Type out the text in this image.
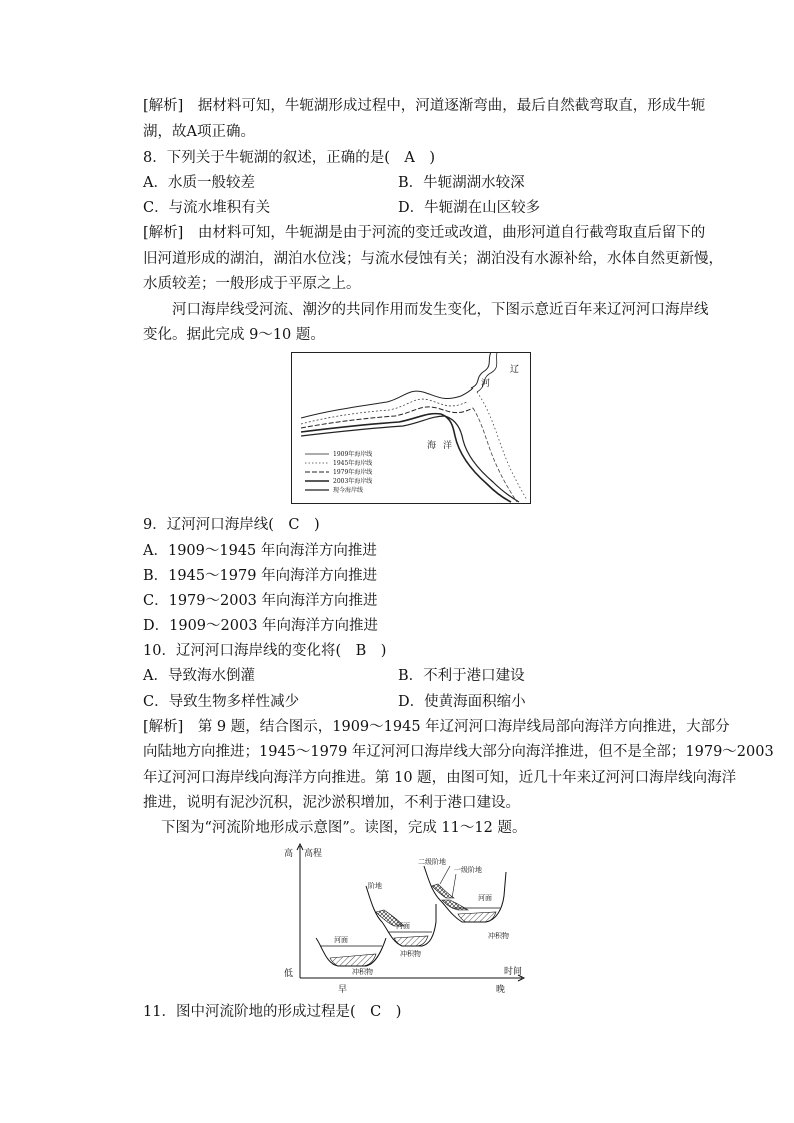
[解析]　据材料可知，牛轭湖形成过程中，河道逐渐弯曲，最后自然截弯取直，形成牛轭
湖，故A项正确。
8．下列关于牛轭湖的叙述，正确的是(　A　)
A．水质一般较差	B．牛轭湖湖水较深
C．与流水堆积有关	D．牛轭湖在山区较多
[解析]　由材料可知，牛轭湖是由于河流的变迁或改道，曲形河道自行截弯取直后留下的
旧河道形成的湖泊，湖泊水位浅；与流水侵蚀有关；湖泊没有水源补给，水体自然更新慢，
水质较差；一般形成于平原之上。
河口海岸线受河流、潮汐的共同作用而发生变化，下图示意近百年来辽河河口海岸线
变化。据此完成 9～10 题。
辽
河
海 洋
1909年海岸线
1945年海岸线
1979年海岸线
2003年海岸线
现今海岸线
9．辽河河口海岸线(　C　)
A．1909～1945 年向海洋方向推进
B．1945～1979 年向海洋方向推进
C．1979～2003 年向海洋方向推进
D．1909～2003 年向海洋方向推进
10．辽河河口海岸线的变化将(　B　)
A．导致海水倒灌	B．不利于港口建设
C．导致生物多样性减少	D．使黄海面积缩小
[解析]　第 9 题，结合图示，1909～1945 年辽河河口海岸线局部向海洋方向推进，大部分
向陆地方向推进；1945～1979 年辽河河口海岸线大部分向海洋推进，但不是全部；1979～2003
年辽河河口海岸线向海洋方向推进。第 10 题，由图可知，近几十年来辽河河口海岸线向海洋
推进，说明有泥沙沉积，泥沙淤积增加，不利于港口建设。
下图为“河流阶地形成示意图”。读图，完成 11～12 题。
高 高程
低
早	晚
时间
河面
冲积物
阶地
河面
冲积物
二级阶地
一级阶地
河面
冲积物
11．图中河流阶地的形成过程是(　C　)
